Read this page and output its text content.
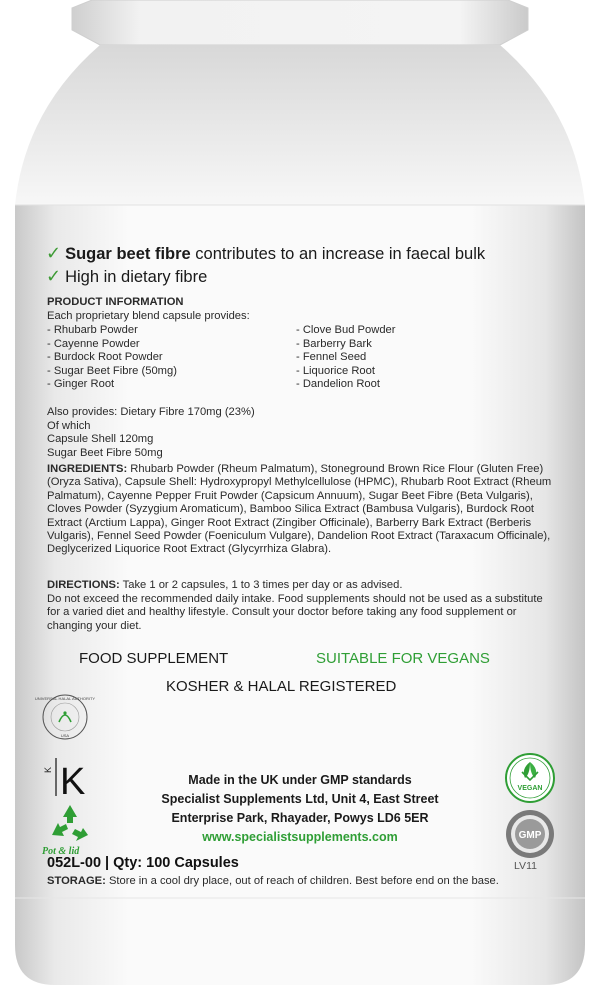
✓ Sugar beet fibre contributes to an increase in faecal bulk
✓ High in dietary fibre
PRODUCT INFORMATION
Each proprietary blend capsule provides:
- Rhubarb Powder
- Cayenne Powder
- Burdock Root Powder
- Sugar Beet Fibre (50mg)
- Ginger Root
- Clove Bud Powder
- Barberry Bark
- Fennel Seed
- Liquorice Root
- Dandelion Root
Also provides: Dietary Fibre 170mg (23%)
Of which
Capsule Shell 120mg
Sugar Beet Fibre 50mg
INGREDIENTS: Rhubarb Powder (Rheum Palmatum), Stoneground Brown Rice Flour (Gluten Free) (Oryza Sativa), Capsule Shell: Hydroxypropyl Methylcellulose (HPMC), Rhubarb Root Extract (Rheum Palmatum), Cayenne Pepper Fruit Powder (Capsicum Annuum), Sugar Beet Fibre (Beta Vulgaris), Cloves Powder (Syzygium Aromaticum), Bamboo Silica Extract (Bambusa Vulgaris), Burdock Root Extract (Arctium Lappa), Ginger Root Extract (Zingiber Officinale), Barberry Bark Extract (Berberis Vulgaris), Fennel Seed Powder (Foeniculum Vulgare), Dandelion Root Extract (Taraxacum Officinale), Deglycerized Liquorice Root Extract (Glycyrrhiza Glabra).
DIRECTIONS: Take 1 or 2 capsules, 1 to 3 times per day or as advised.
Do not exceed the recommended daily intake. Food supplements should not be used as a substitute for a varied diet and healthy lifestyle. Consult your doctor before taking any food supplement or changing your diet.
FOOD SUPPLEMENT	SUITABLE FOR VEGANS
KOSHER & HALAL REGISTERED
UNIVERSAL HALAL AUTHORITY
USA
K K
Pot & lid
Made in the UK under GMP standards
Specialist Supplements Ltd, Unit 4, East Street
Enterprise Park, Rhayader, Powys LD6 5ER
www.specialistsupplements.com
VEGAN
GMP
052L-00 | Qty: 100 Capsules	LV11
STORAGE: Store in a cool dry place, out of reach of children. Best before end on the base.
